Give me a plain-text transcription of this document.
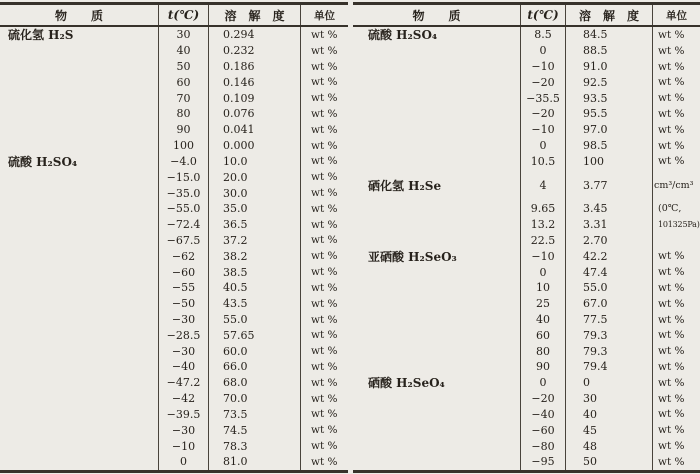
物　　质	t(℃)	溶　解　度	单位
硫化氢 H₂S	30	0.294	wt %
40	0.232	wt %
50	0.186	wt %
60	0.146	wt %
70	0.109	wt %
80	0.076	wt %
90	0.041	wt %
100	0.000	wt %
硫酸 H₂SO₄	−4.0	10.0	wt %
−15.0	20.0	wt %
−35.0	30.0	wt %
−55.0	35.0	wt %
−72.4	36.5	wt %
−67.5	37.2	wt %
−62	38.2	wt %
−60	38.5	wt %
−55	40.5	wt %
−50	43.5	wt %
−30	55.0	wt %
−28.5	57.65	wt %
−30	60.0	wt %
−40	66.0	wt %
−47.2	68.0	wt %
−42	70.0	wt %
−39.5	73.5	wt %
−30	74.5	wt %
−10	78.3	wt %
0	81.0	wt %
物　　质	t(℃)	溶　解　度	单位
硫酸 H₂SO₄	8.5	84.5	wt %
0	88.5	wt %
−10	91.0	wt %
−20	92.5	wt %
−35.5	93.5	wt %
−20	95.5	wt %
−10	97.0	wt %
0	98.5	wt %
10.5	100	wt %
硒化氢 H₂Se	4	3.77	cm³/cm³
9.65	3.45	(0℃,
13.2	3.31	101325Pa)
22.5	2.70
亚硒酸 H₂SeO₃	−10	42.2	wt %
0	47.4	wt %
10	55.0	wt %
25	67.0	wt %
40	77.5	wt %
60	79.3	wt %
80	79.3	wt %
90	79.4	wt %
硒酸 H₂SeO₄	0	0	wt %
−20	30	wt %
−40	40	wt %
−60	45	wt %
−80	48	wt %
−95	50	wt %
